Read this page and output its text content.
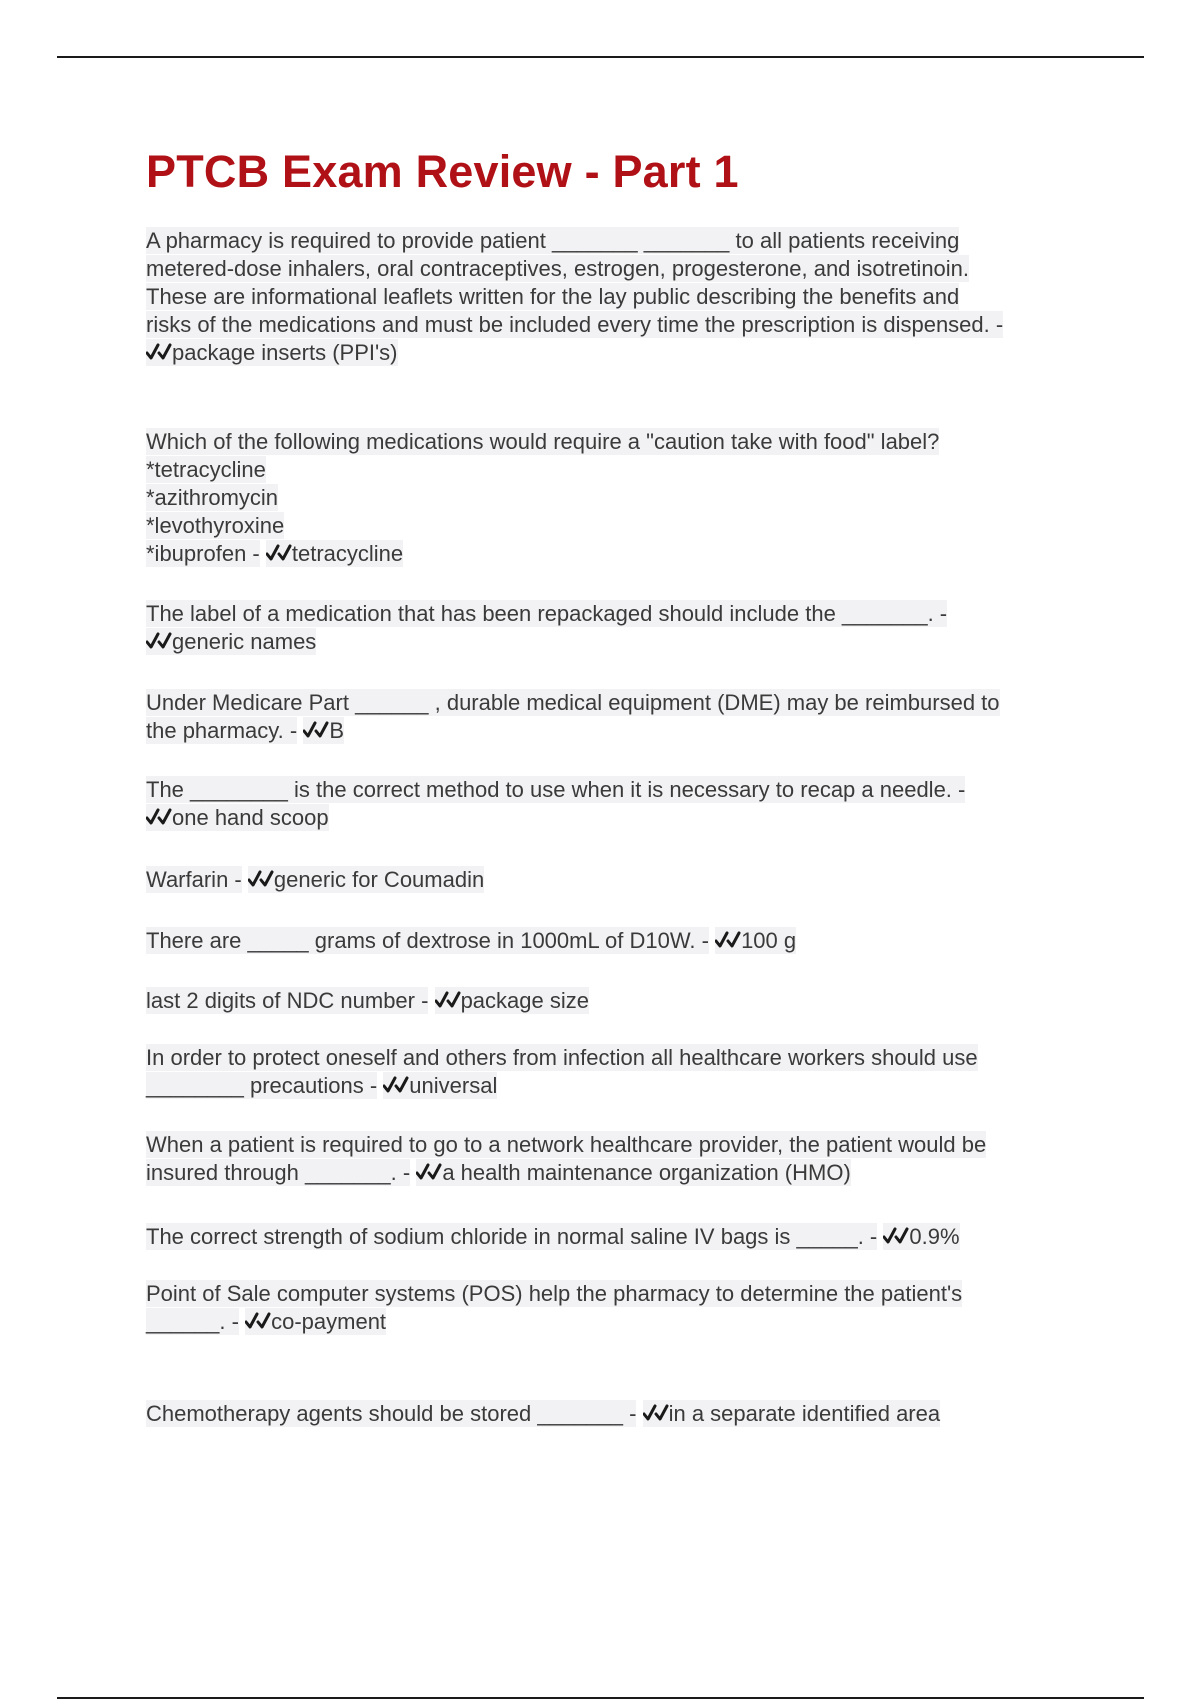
PTCB Exam Review - Part 1
A pharmacy is required to provide patient _______ _______ to all patients receiving
metered-dose inhalers, oral contraceptives, estrogen, progesterone, and isotretinoin.
These are informational leaflets written for the lay public describing the benefits and
risks of the medications and must be included every time the prescription is dispensed. -

package inserts (PPI's)
Which of the following medications would require a "caution take with food" label?
*tetracycline
*azithromycin
*levothyroxine
*ibuprofen - tetracycline
The label of a medication that has been repackaged should include the _______. -

generic names
Under Medicare Part ______ , durable medical equipment (DME) may be reimbursed to
the pharmacy. - B
The ________ is the correct method to use when it is necessary to recap a needle. -

one hand scoop
Warfarin - generic for Coumadin
There are _____ grams of dextrose in 1000mL of D10W. - 100 g
last 2 digits of NDC number - package size
In order to protect oneself and others from infection all healthcare workers should use
________ precautions - universal
When a patient is required to go to a network healthcare provider, the patient would be
insured through _______. - a health maintenance organization (HMO)
The correct strength of sodium chloride in normal saline IV bags is _____. - 0.9%
Point of Sale computer systems (POS) help the pharmacy to determine the patient's
______. - co-payment
Chemotherapy agents should be stored _______ - in a separate identified area
